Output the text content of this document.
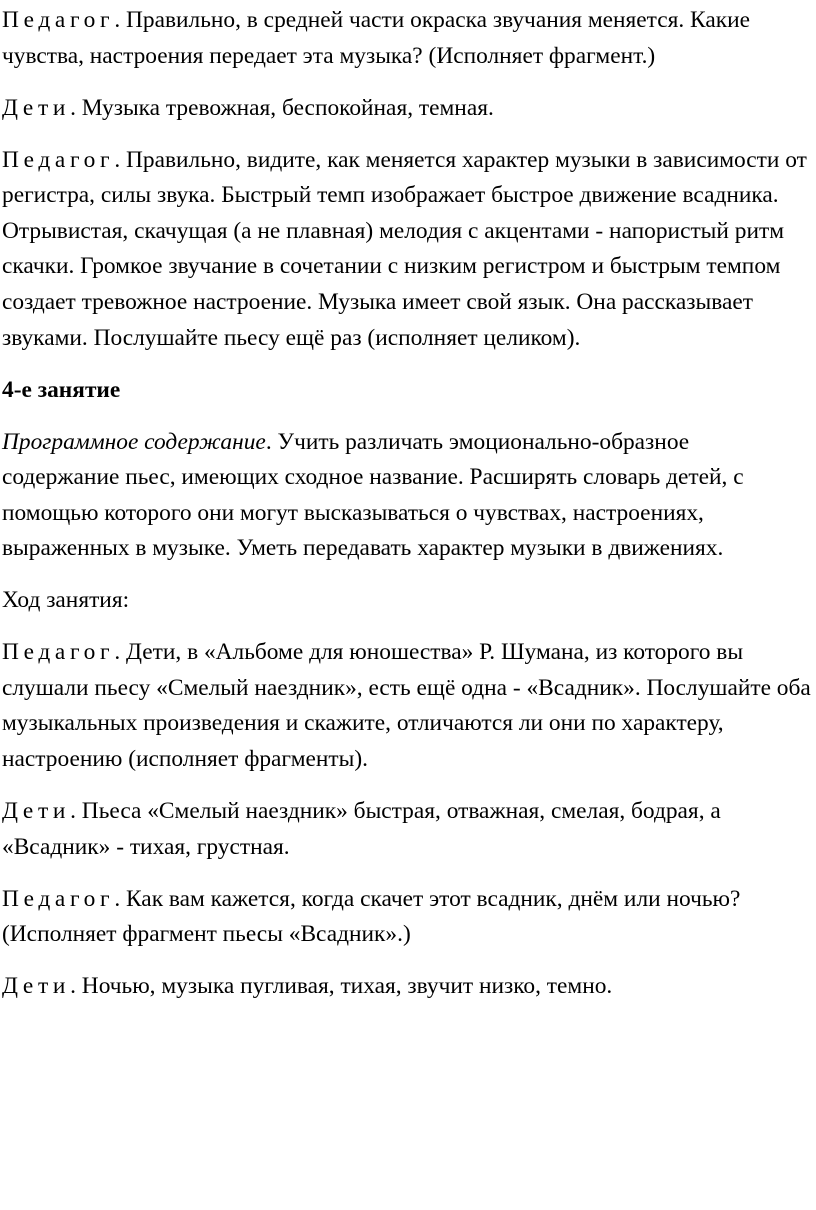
Педагог. Правильно, в средней части окраска звучания меняется. Какие чувства, настроения передает эта музыка? (Исполняет фрагмент.)

Дети. Музыка тревожная, беспокойная, темная.

Педагог. Правильно, видите, как меняется характер музыки в зависимости от регистра, силы звука. Быстрый темп изображает быстрое движение всадника. Отрывистая, скачущая (а не плавная) мелодия с акцентами - напористый ритм скачки. Громкое звучание в сочетании с низким регистром и быстрым темпом создает тревожное настроение. Музыка имеет свой язык. Она рассказывает звуками. Послушайте пьесу ещё раз (исполняет целиком).

4-е занятие

Программное содержание. Учить различать эмоционально-образное содержание пьес, имеющих сходное название. Расширять словарь детей, с помощью которого они могут высказываться о чувствах, настроениях, выраженных в музыке. Уметь передавать характер музыки в движениях.

Ход занятия:

Педагог. Дети, в «Альбоме для юношества» Р. Шумана, из которого вы слушали пьесу «Смелый наездник», есть ещё одна - «Всадник». Послушайте оба музыкальных произведения и скажите, отличаются ли они по характеру, настроению (исполняет фрагменты).

Дети. Пьеса «Смелый наездник» быстрая, отважная, смелая, бодрая, а «Всадник» - тихая, грустная.

Педагог. Как вам кажется, когда скачет этот всадник, днём или ночью? (Исполняет фрагмент пьесы «Всадник».)

Дети. Ночью, музыка пугливая, тихая, звучит низко, темно.
